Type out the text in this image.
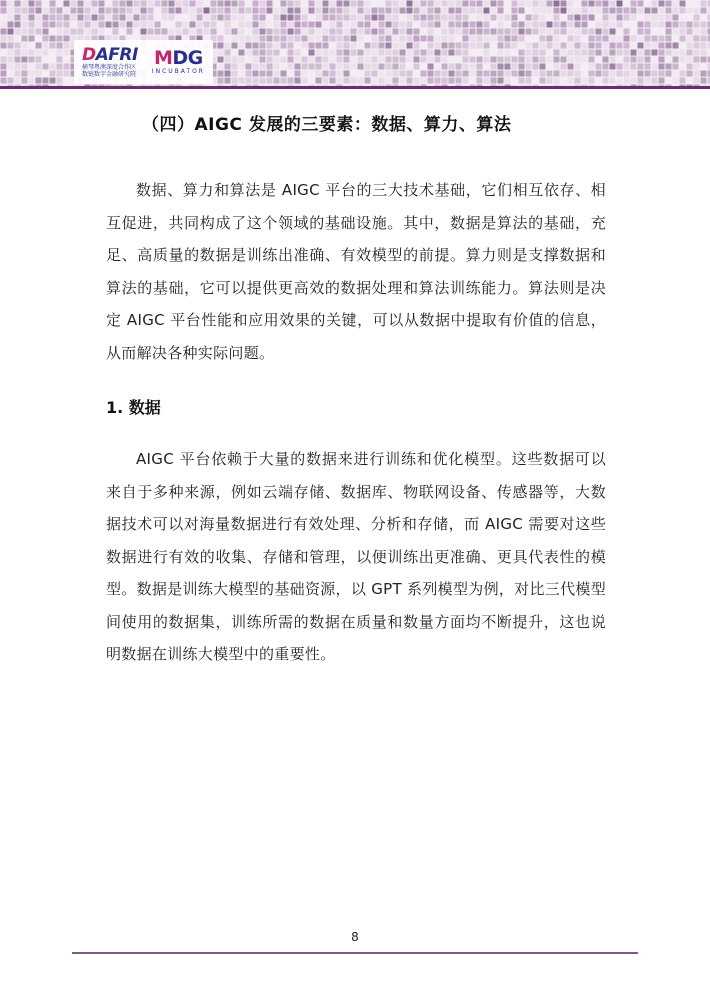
DAFRI
横琴粤澳深度合作区
数链数字金融研究院
MDG
INCUBATOR
（四）AIGC 发展的三要素：数据、算力、算法

数据、算力和算法是 AIGC 平台的三大技术基础，它们相互依存、相互促进，共同构成了这个领域的基础设施。其中，数据是算法的基础，充足、高质量的数据是训练出准确、有效模型的前提。算力则是支撑数据和算法的基础，它可以提供更高效的数据处理和算法训练能力。算法则是决定 AIGC 平台性能和应用效果的关键，可以从数据中提取有价值的信息，从而解决各种实际问题。

1. 数据

AIGC 平台依赖于大量的数据来进行训练和优化模型。这些数据可以来自于多种来源，例如云端存储、数据库、物联网设备、传感器等，大数据技术可以对海量数据进行有效处理、分析和存储，而 AIGC 需要对这些数据进行有效的收集、存储和管理，以便训练出更准确、更具代表性的模型。数据是训练大模型的基础资源，以 GPT 系列模型为例，对比三代模型间使用的数据集，训练所需的数据在质量和数量方面均不断提升，这也说明数据在训练大模型中的重要性。

8
